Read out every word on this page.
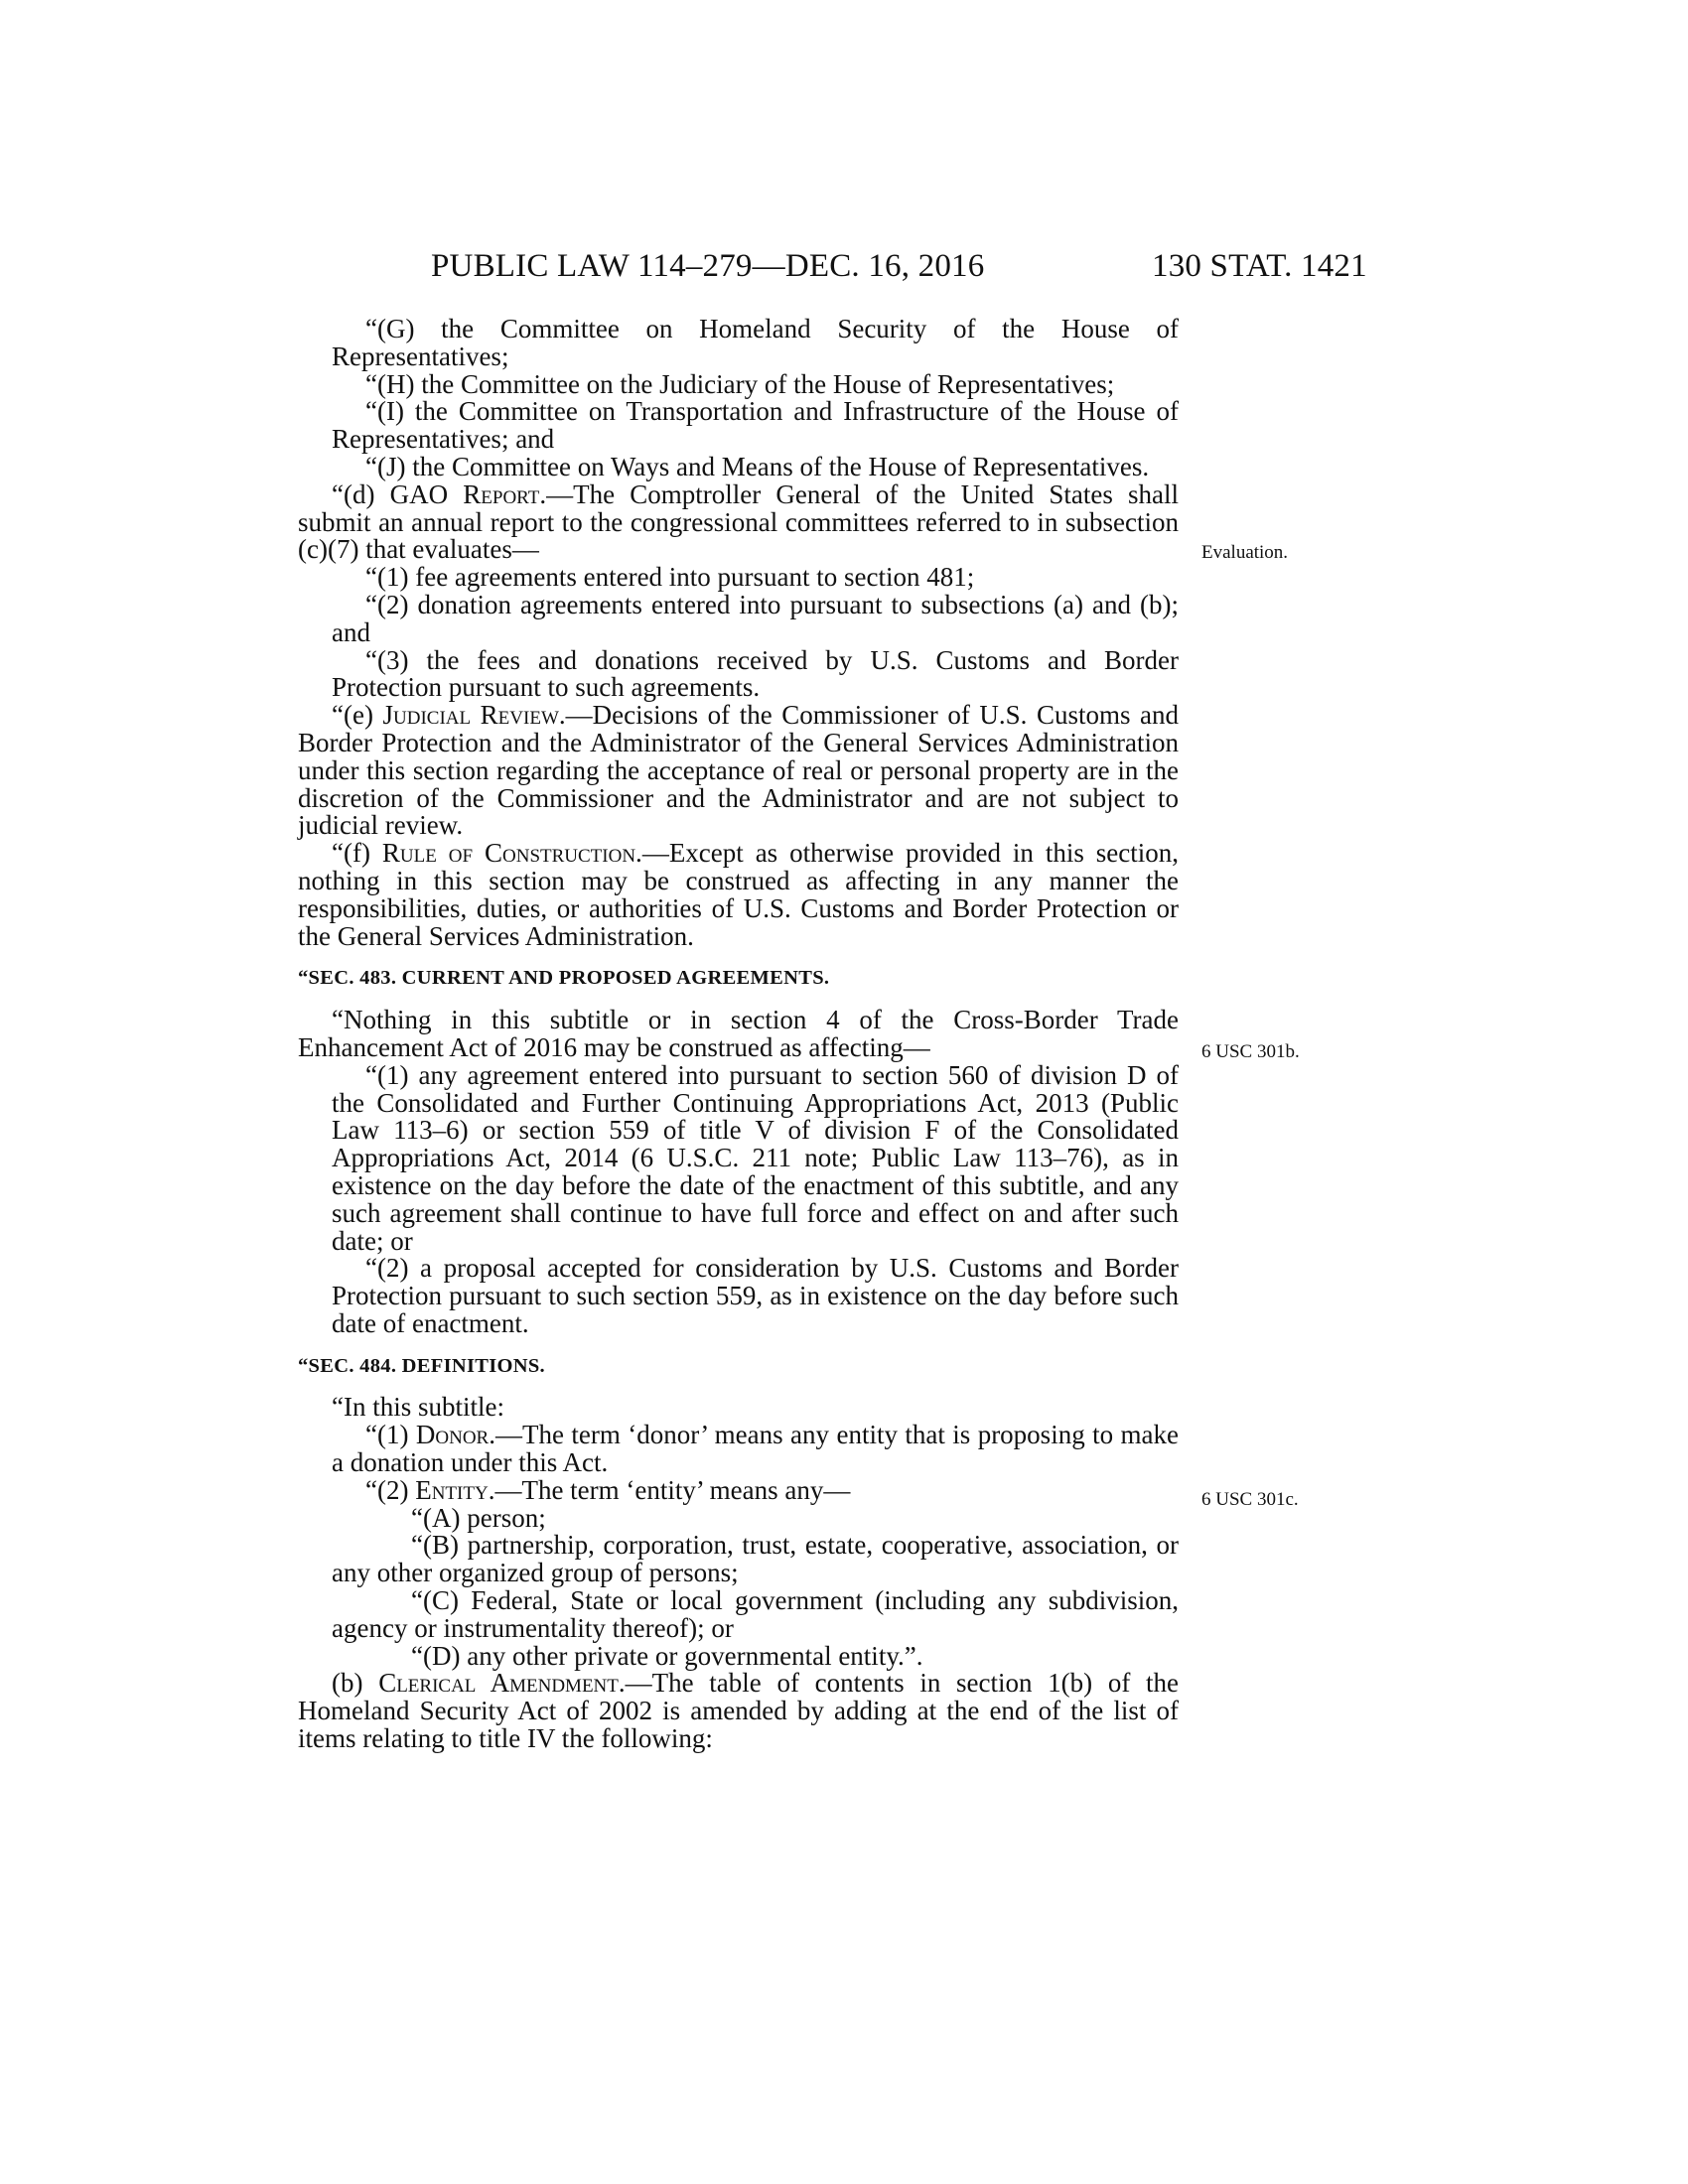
PUBLIC LAW 114–279—DEC. 16, 2016	130 STAT. 1421
Evaluation.
6 USC 301b.
6 USC 301c.

“(G) the Committee on Homeland Security of the House of Representatives;

“(H) the Committee on the Judiciary of the House of Representatives;

“(I) the Committee on Transportation and Infrastructure of the House of Representatives; and

“(J) the Committee on Ways and Means of the House of Representatives.

“(d) GAO Report.—The Comptroller General of the United States shall submit an annual report to the congressional committees referred to in subsection (c)(7) that evaluates—

“(1) fee agreements entered into pursuant to section 481;

“(2) donation agreements entered into pursuant to subsections (a) and (b); and

“(3) the fees and donations received by U.S. Customs and Border Protection pursuant to such agreements.

“(e) Judicial Review.—Decisions of the Commissioner of U.S. Customs and Border Protection and the Administrator of the General Services Administration under this section regarding the acceptance of real or personal property are in the discretion of the Commissioner and the Administrator and are not subject to judicial review.

“(f) Rule of Construction.—Except as otherwise provided in this section, nothing in this section may be construed as affecting in any manner the responsibilities, duties, or authorities of U.S. Customs and Border Protection or the General Services Administration.

“SEC. 483. CURRENT AND PROPOSED AGREEMENTS.

“Nothing in this subtitle or in section 4 of the Cross-Border Trade Enhancement Act of 2016 may be construed as affecting—

“(1) any agreement entered into pursuant to section 560 of division D of the Consolidated and Further Continuing Appropriations Act, 2013 (Public Law 113–6) or section 559 of title V of division F of the Consolidated Appropriations Act, 2014 (6 U.S.C. 211 note; Public Law 113–76), as in existence on the day before the date of the enactment of this subtitle, and any such agreement shall continue to have full force and effect on and after such date; or

“(2) a proposal accepted for consideration by U.S. Customs and Border Protection pursuant to such section 559, as in existence on the day before such date of enactment.

“SEC. 484. DEFINITIONS.

“In this subtitle:

“(1) Donor.—The term ‘donor’ means any entity that is proposing to make a donation under this Act.

“(2) Entity.—The term ‘entity’ means any—

“(A) person;

“(B) partnership, corporation, trust, estate, cooperative, association, or any other organized group of persons;

“(C) Federal, State or local government (including any subdivision, agency or instrumentality thereof); or

“(D) any other private or governmental entity.”.

(b) Clerical Amendment.—The table of contents in section 1(b) of the Homeland Security Act of 2002 is amended by adding at the end of the list of items relating to title IV the following:
